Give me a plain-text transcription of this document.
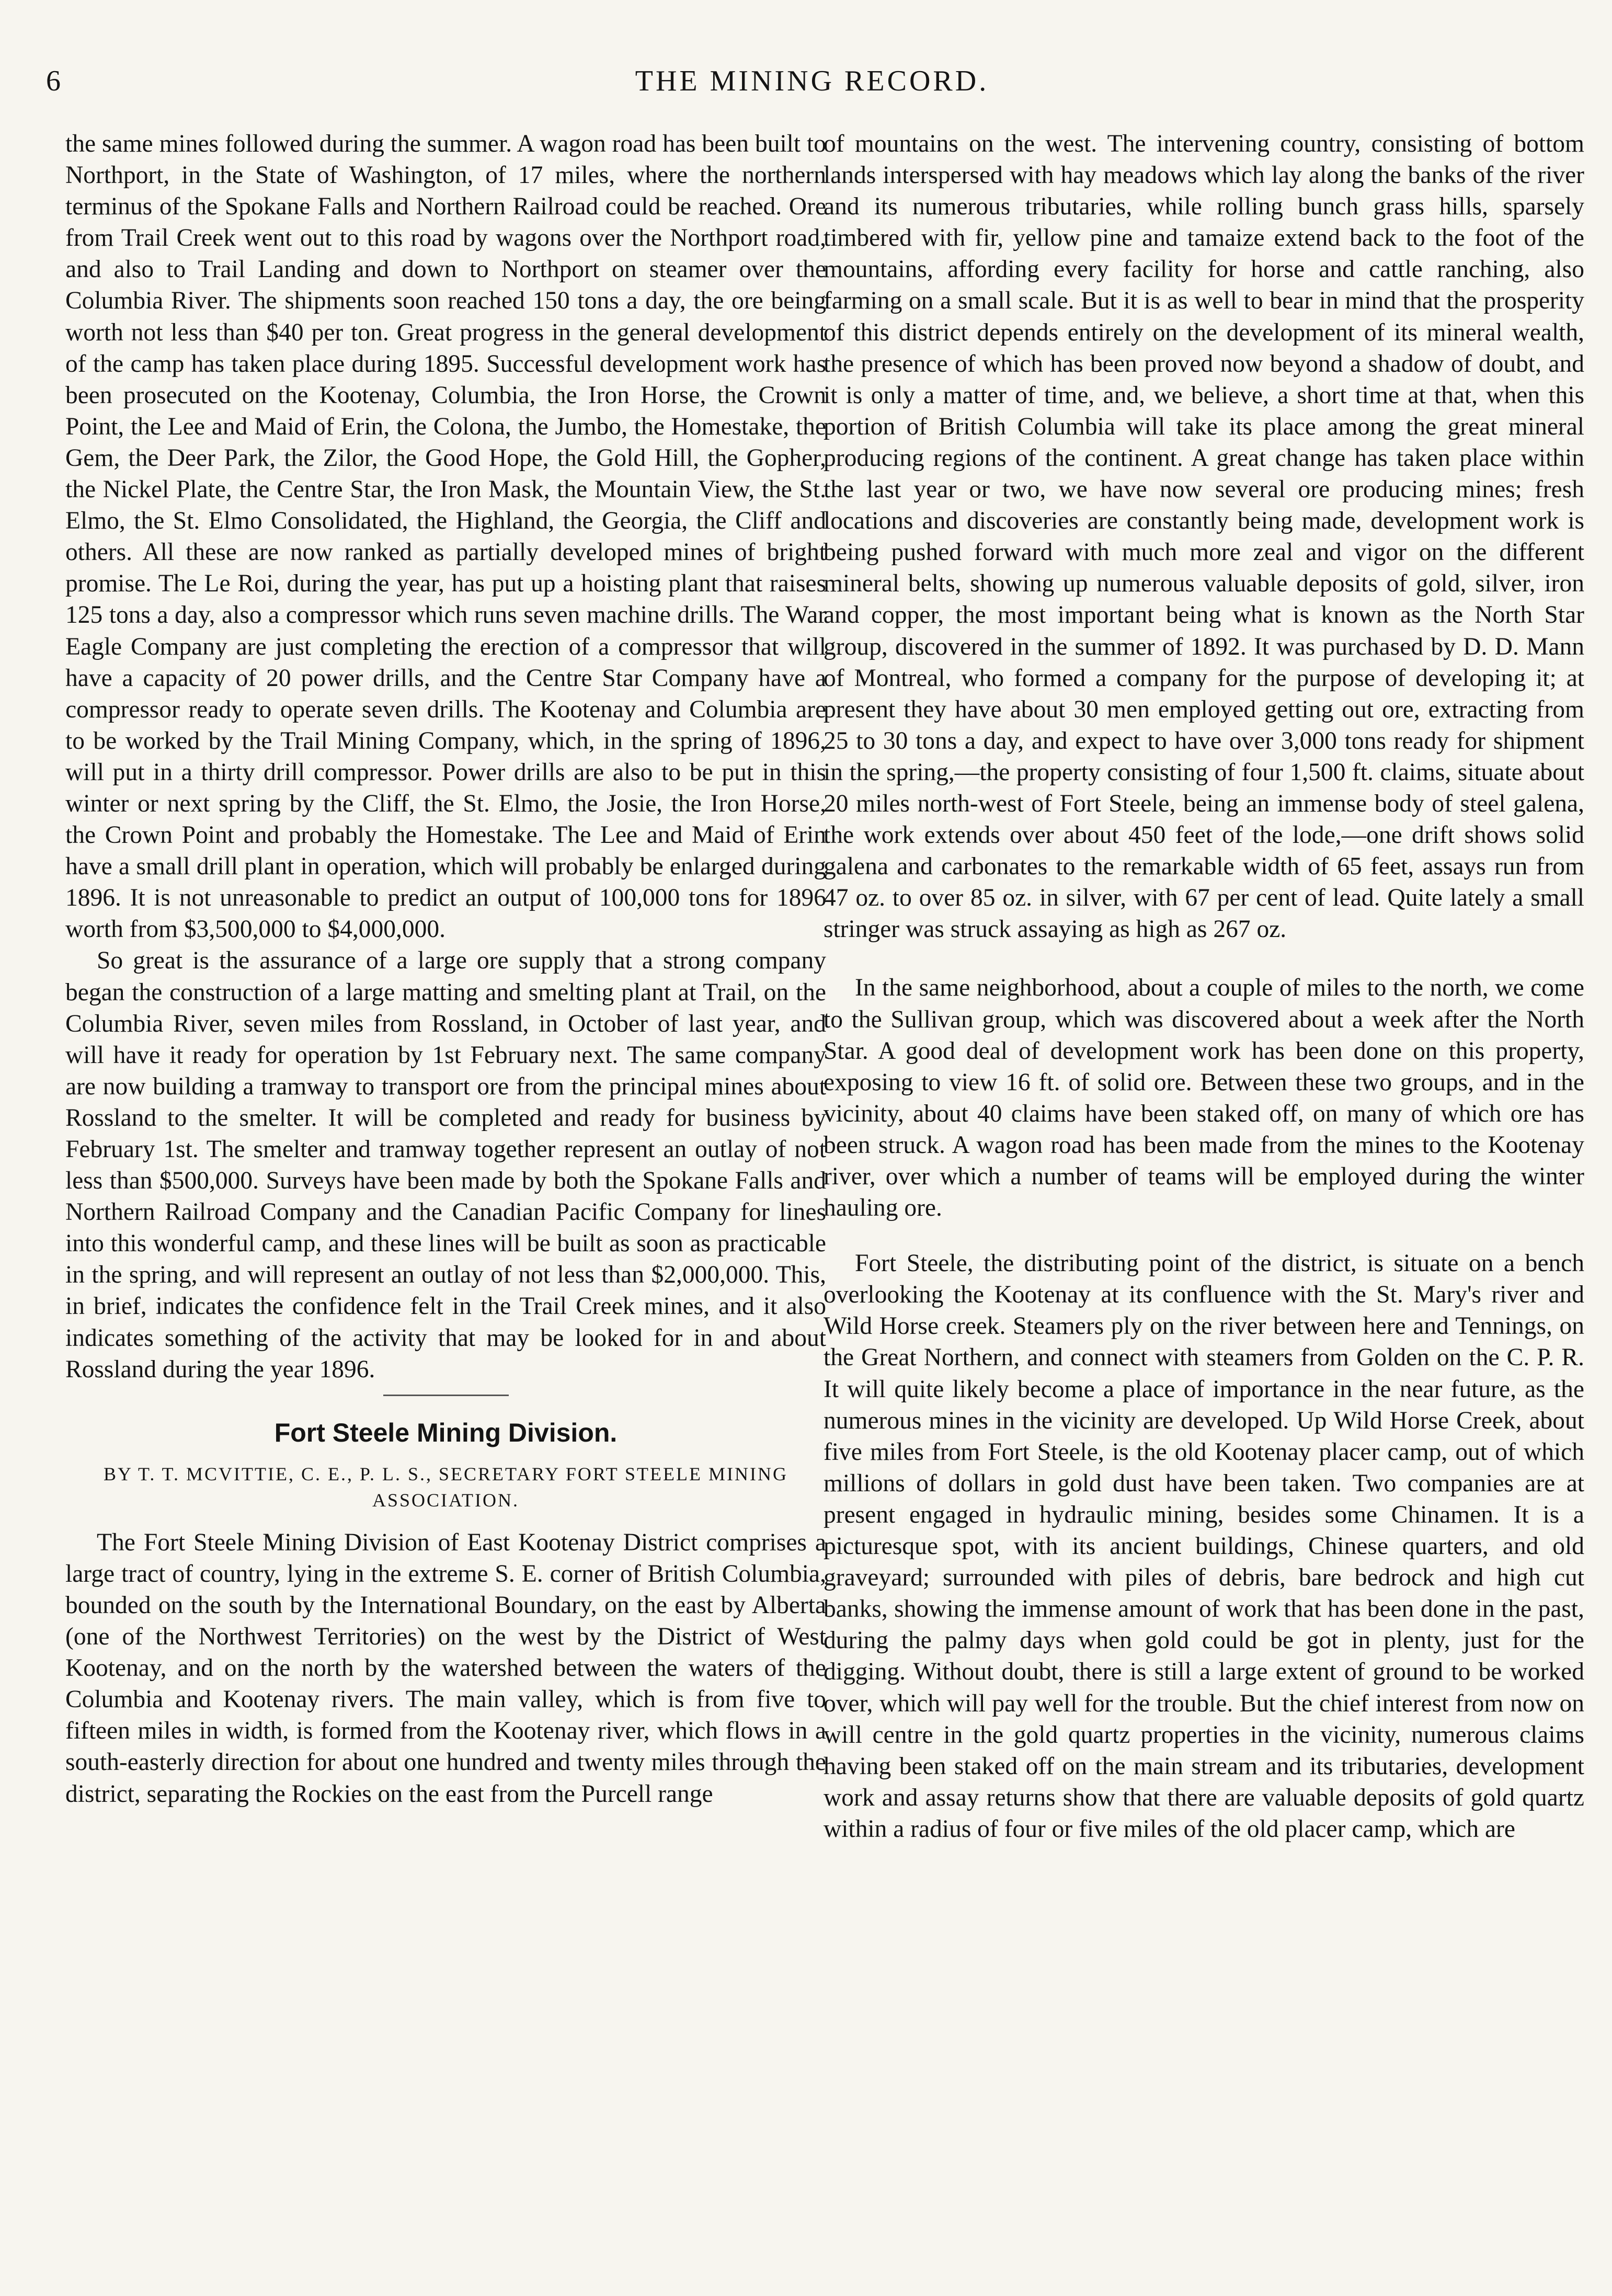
6	THE MINING RECORD.

the same mines followed during the summer. A wagon road has been built to Northport, in the State of Washington, of 17 miles, where the northern terminus of the Spokane Falls and Northern Railroad could be reached. Ore from Trail Creek went out to this road by wagons over the Northport road, and also to Trail Landing and down to Northport on steamer over the Columbia River. The shipments soon reached 150 tons a day, the ore being worth not less than $40 per ton. Great progress in the general development of the camp has taken place during 1895. Successful development work has been prosecuted on the Kootenay, Columbia, the Iron Horse, the Crown Point, the Lee and Maid of Erin, the Colona, the Jumbo, the Homestake, the Gem, the Deer Park, the Zilor, the Good Hope, the Gold Hill, the Gopher, the Nickel Plate, the Centre Star, the Iron Mask, the Mountain View, the St. Elmo, the St. Elmo Consolidated, the Highland, the Georgia, the Cliff and others. All these are now ranked as partially developed mines of bright promise. The Le Roi, during the year, has put up a hoisting plant that raises 125 tons a day, also a compressor which runs seven machine drills. The War Eagle Company are just completing the erection of a compressor that will have a capacity of 20 power drills, and the Centre Star Company have a compressor ready to operate seven drills. The Kootenay and Columbia are to be worked by the Trail Mining Company, which, in the spring of 1896, will put in a thirty drill compressor. Power drills are also to be put in this winter or next spring by the Cliff, the St. Elmo, the Josie, the Iron Horse, the Crown Point and probably the Homestake. The Lee and Maid of Erin have a small drill plant in operation, which will probably be enlarged during 1896. It is not unreasonable to predict an output of 100,000 tons for 1896 worth from $3,500,000 to $4,000,000.

So great is the assurance of a large ore supply that a strong company began the construction of a large matting and smelting plant at Trail, on the Columbia River, seven miles from Rossland, in October of last year, and will have it ready for operation by 1st February next. The same company are now building a tramway to transport ore from the principal mines about Rossland to the smelter. It will be completed and ready for business by February 1st. The smelter and tramway together represent an outlay of not less than $500,000. Surveys have been made by both the Spokane Falls and Northern Railroad Company and the Canadian Pacific Company for lines into this wonderful camp, and these lines will be built as soon as practicable in the spring, and will represent an outlay of not less than $2,000,000. This, in brief, indicates the confidence felt in the Trail Creek mines, and it also indicates something of the activity that may be looked for in and about Rossland during the year 1896.

Fort Steele Mining Division.
BY T. T. MCVITTIE, C. E., P. L. S., SECRETARY FORT STEELE MINING ASSOCIATION.

The Fort Steele Mining Division of East Kootenay District comprises a large tract of country, lying in the extreme S. E. corner of British Columbia, bounded on the south by the International Boundary, on the east by Alberta (one of the Northwest Territories) on the west by the District of West Kootenay, and on the north by the watershed between the waters of the Columbia and Kootenay rivers. The main valley, which is from five to fifteen miles in width, is formed from the Kootenay river, which flows in a south-easterly direction for about one hundred and twenty miles through the district, separating the Rockies on the east from the Purcell range

of mountains on the west. The intervening country, consisting of bottom lands interspersed with hay meadows which lay along the banks of the river and its numerous tributaries, while rolling bunch grass hills, sparsely timbered with fir, yellow pine and tamaize extend back to the foot of the mountains, affording every facility for horse and cattle ranching, also farming on a small scale. But it is as well to bear in mind that the prosperity of this district depends entirely on the development of its mineral wealth, the presence of which has been proved now beyond a shadow of doubt, and it is only a matter of time, and, we believe, a short time at that, when this portion of British Columbia will take its place among the great mineral producing regions of the continent. A great change has taken place within the last year or two, we have now several ore producing mines; fresh locations and discoveries are constantly being made, development work is being pushed forward with much more zeal and vigor on the different mineral belts, showing up numerous valuable deposits of gold, silver, iron and copper, the most important being what is known as the North Star group, discovered in the summer of 1892. It was purchased by D. D. Mann of Montreal, who formed a company for the purpose of developing it; at present they have about 30 men employed getting out ore, extracting from 25 to 30 tons a day, and expect to have over 3,000 tons ready for shipment in the spring,—the property consisting of four 1,500 ft. claims, situate about 20 miles north-west of Fort Steele, being an immense body of steel galena, the work extends over about 450 feet of the lode,—one drift shows solid galena and carbonates to the remarkable width of 65 feet, assays run from 47 oz. to over 85 oz. in silver, with 67 per cent of lead. Quite lately a small stringer was struck assaying as high as 267 oz.

In the same neighborhood, about a couple of miles to the north, we come to the Sullivan group, which was discovered about a week after the North Star. A good deal of development work has been done on this property, exposing to view 16 ft. of solid ore. Between these two groups, and in the vicinity, about 40 claims have been staked off, on many of which ore has been struck. A wagon road has been made from the mines to the Kootenay river, over which a number of teams will be employed during the winter hauling ore.

Fort Steele, the distributing point of the district, is situate on a bench overlooking the Kootenay at its confluence with the St. Mary's river and Wild Horse creek. Steamers ply on the river between here and Tennings, on the Great Northern, and connect with steamers from Golden on the C. P. R. It will quite likely become a place of importance in the near future, as the numerous mines in the vicinity are developed. Up Wild Horse Creek, about five miles from Fort Steele, is the old Kootenay placer camp, out of which millions of dollars in gold dust have been taken. Two companies are at present engaged in hydraulic mining, besides some Chinamen. It is a picturesque spot, with its ancient buildings, Chinese quarters, and old graveyard; surrounded with piles of debris, bare bedrock and high cut banks, showing the immense amount of work that has been done in the past, during the palmy days when gold could be got in plenty, just for the digging. Without doubt, there is still a large extent of ground to be worked over, which will pay well for the trouble. But the chief interest from now on will centre in the gold quartz properties in the vicinity, numerous claims having been staked off on the main stream and its tributaries, development work and assay returns show that there are valuable deposits of gold quartz within a radius of four or five miles of the old placer camp, which are
